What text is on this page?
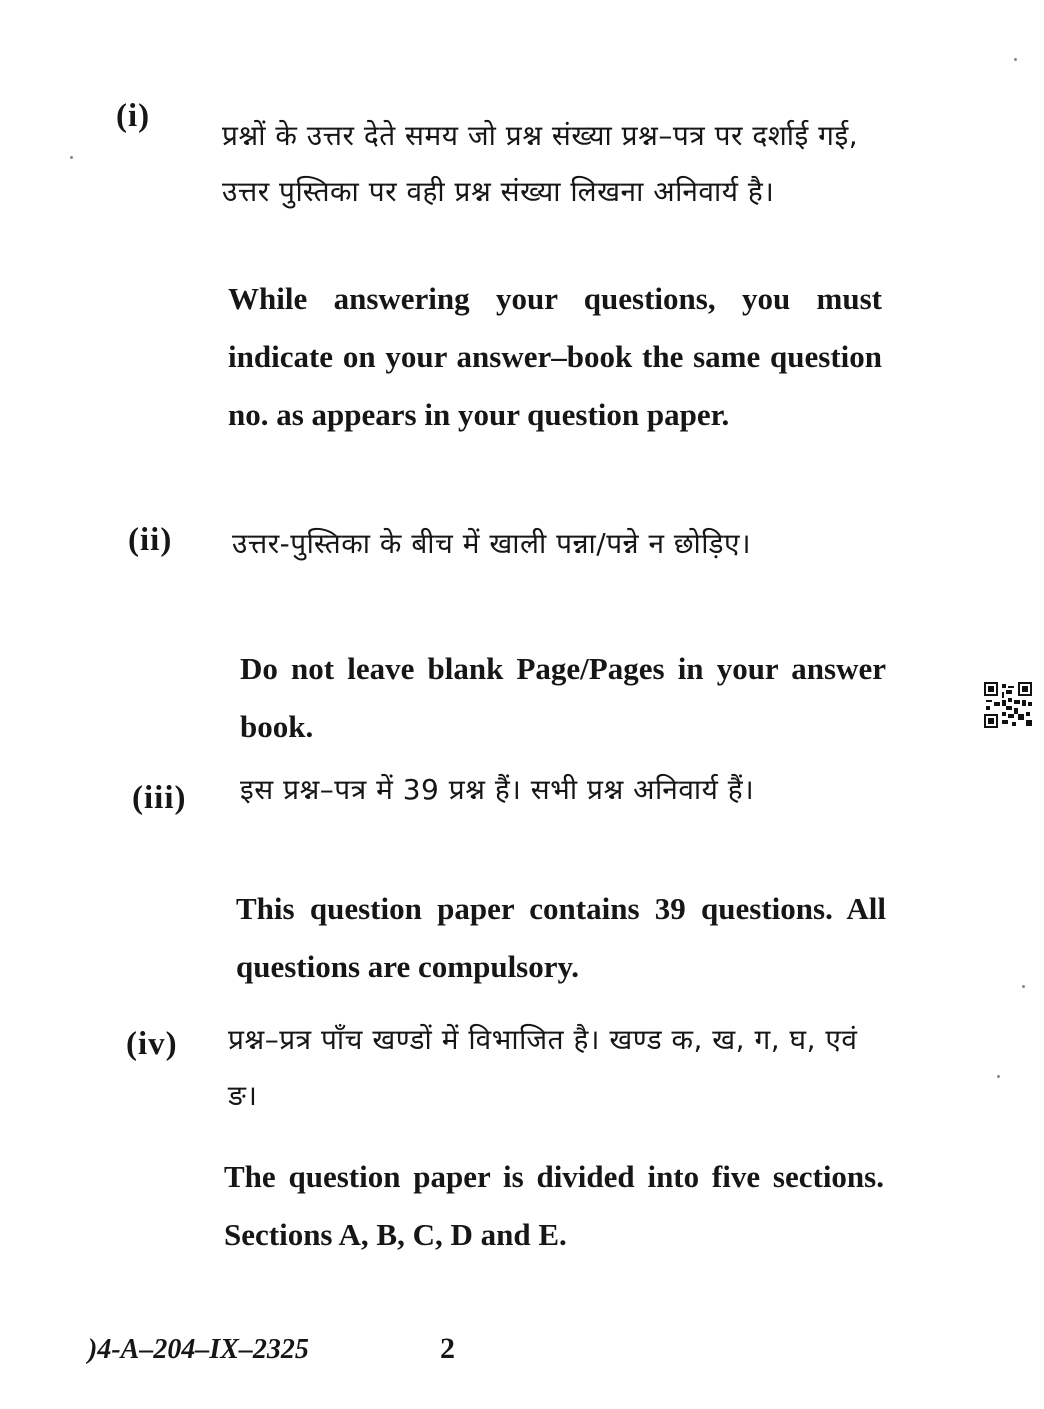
(i)
प्रश्नों के उत्तर देते समय जो प्रश्न संख्या प्रश्न–पत्र पर दर्शाई गई, उत्तर पुस्तिका पर वही प्रश्न संख्या लिखना अनिवार्य है।
While answering your questions, you must indicate on your answer–book the same question no. as appears in your question paper.
(ii) उत्तर-पुस्तिका के बीच में खाली पन्ना/पन्ने न छोड़िए।
Do not leave blank Page/Pages in your answer book.
(iii) इस प्रश्न–पत्र में 39 प्रश्न हैं। सभी प्रश्न अनिवार्य हैं।
This question paper contains 39 questions. All questions are compulsory.
(iv) प्रश्न–प्रत्र पाँच खण्डों में विभाजित है। खण्ड क, ख, ग, घ, एवं ङ।
The question paper is divided into five sections. Sections A, B, C, D and E.
)4-A–204–IX–2325	2
